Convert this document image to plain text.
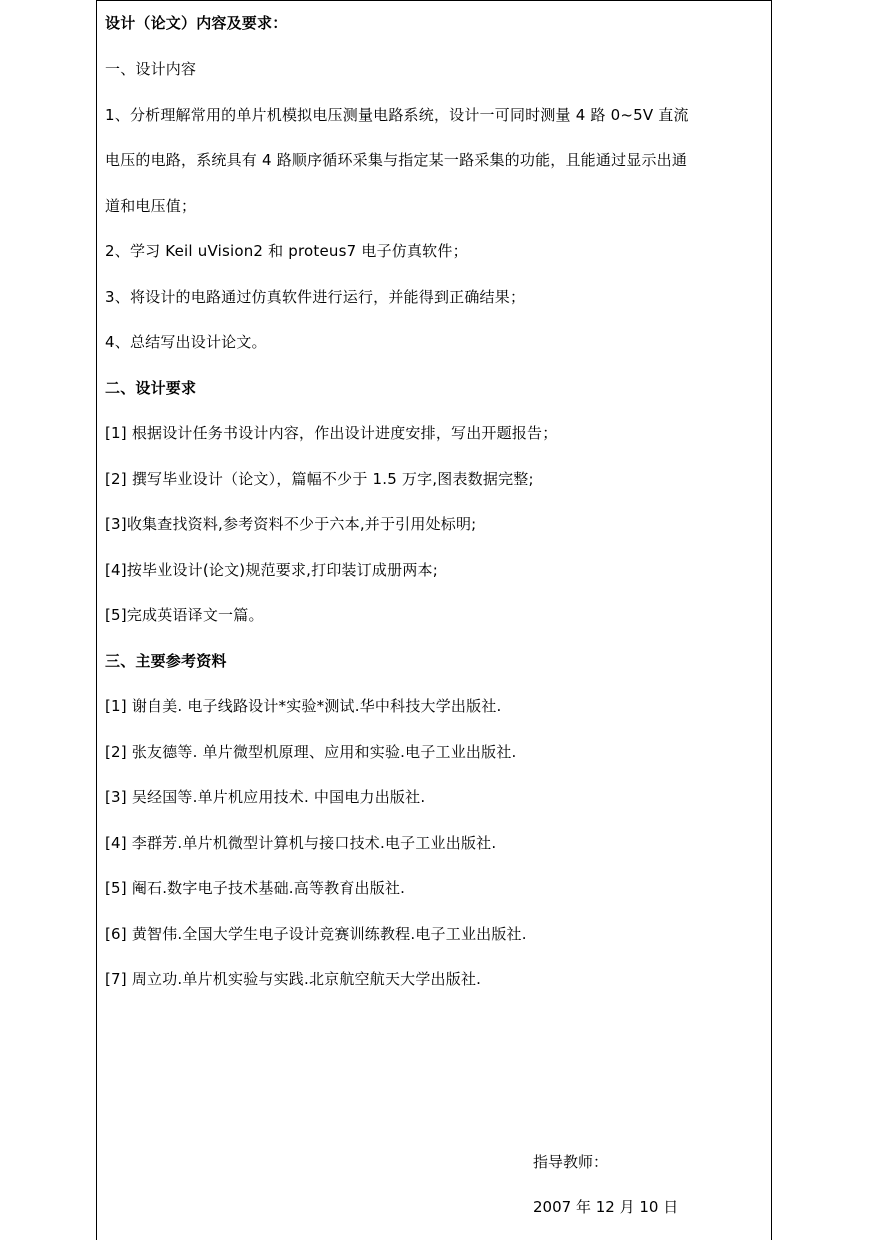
设计（论文）内容及要求：
一、设计内容
1、分析理解常用的单片机模拟电压测量电路系统，设计一可同时测量 4 路 0~5V 直流
电压的电路，系统具有 4 路顺序循环采集与指定某一路采集的功能，且能通过显示出通
道和电压值；
2、学习 Keil uVision2 和 proteus7 电子仿真软件；
3、将设计的电路通过仿真软件进行运行，并能得到正确结果；
4、总结写出设计论文。
二、设计要求
[1] 根据设计任务书设计内容，作出设计进度安排，写出开题报告；
[2] 撰写毕业设计（论文），篇幅不少于 1.5 万字,图表数据完整;
[3]收集查找资料,参考资料不少于六本,并于引用处标明;
[4]按毕业设计(论文)规范要求,打印装订成册两本;
[5]完成英语译文一篇。
三、主要参考资料
[1] 谢自美. 电子线路设计*实验*测试.华中科技大学出版社.
[2] 张友德等. 单片微型机原理、应用和实验.电子工业出版社.
[3] 吴经国等.单片机应用技术. 中国电力出版社.
[4] 李群芳.单片机微型计算机与接口技术.电子工业出版社.
[5] 阉石.数字电子技术基础.高等教育出版社.
[6] 黄智伟.全国大学生电子设计竞赛训练教程.电子工业出版社.
[7] 周立功.单片机实验与实践.北京航空航天大学出版社.
指导教师：
2007 年 12 月 10 日
